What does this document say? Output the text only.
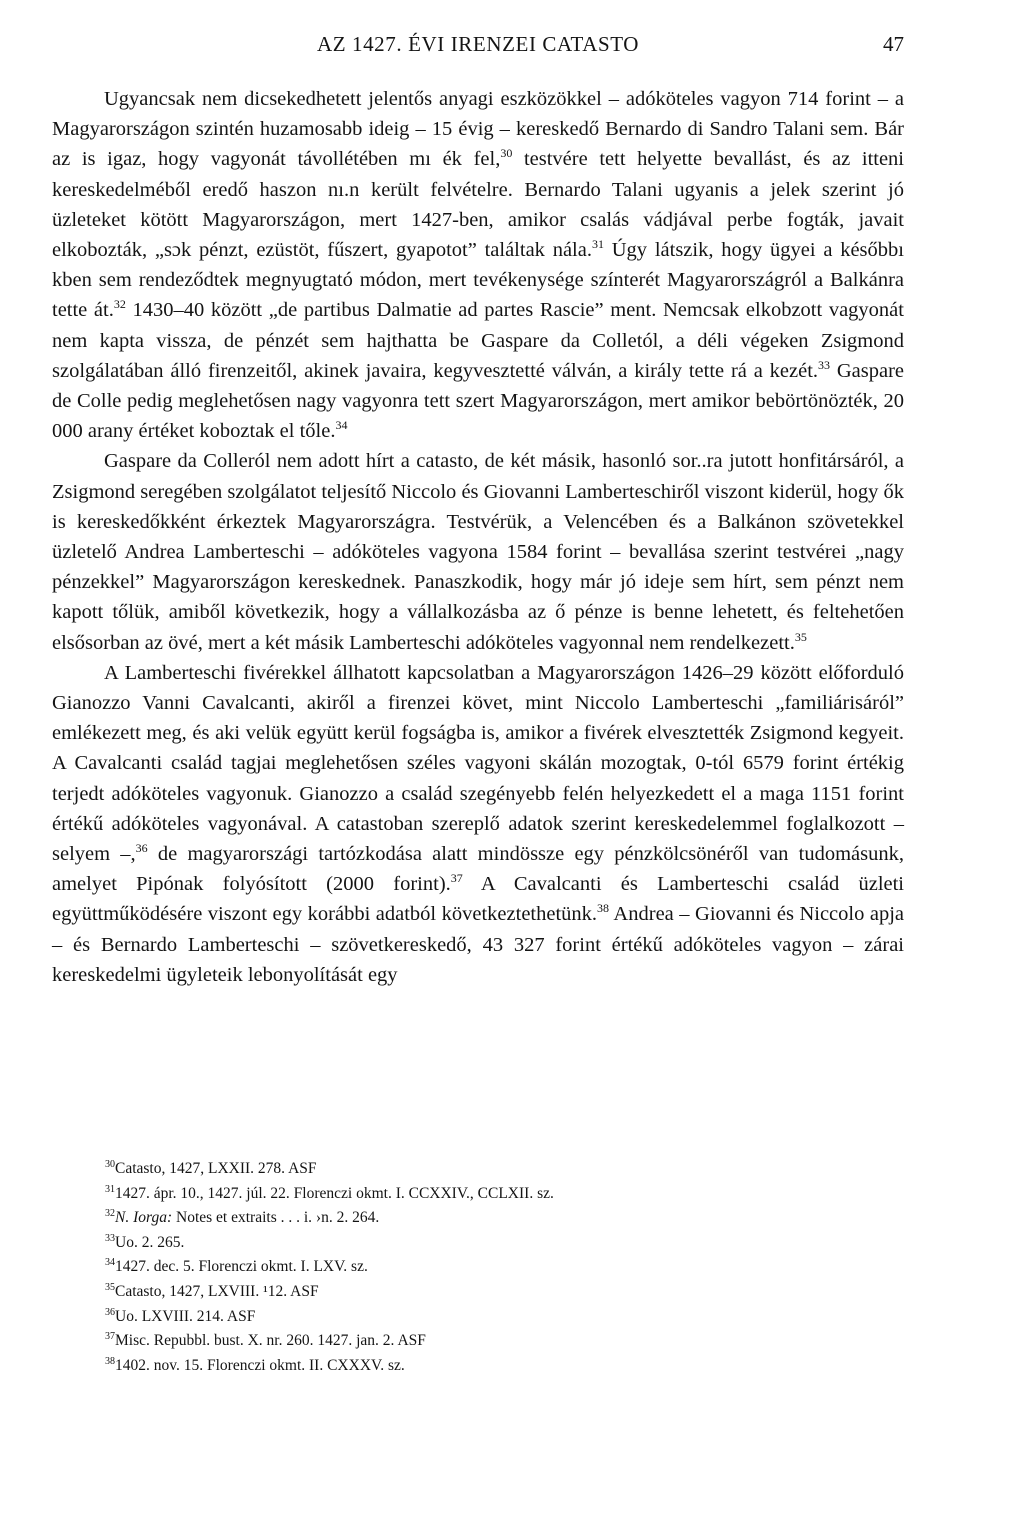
AZ 1427. ÉVI IRENZEI CATASTO	47

Ugyancsak nem dicsekedhetett jelentős anyagi eszközökkel – adóköteles vagyon 714 forint – a Magyarországon szintén huzamosabb ideig – 15 évig – kereskedő Bernardo di Sandro Talani sem. Bár az is igaz, hogy vagyonát távollétében mı ék fel,$^{30}$ testvére tett helyette bevallást, és az itteni kereskedelméből eredő haszon nı.n került felvételre. Bernardo Talani ugyanis a jelek szerint jó üzleteket kötött Magyarországon, mert 1427-ben, amikor csalás vádjával perbe fogták, javait elkobozták, „sɔk pénzt, ezüstöt, fűszert, gyapotot” találtak nála.$^{31}$ Úgy látszik, hogy ügyei a későbbı kben sem rendeződtek megnyugtató módon, mert tevékenysége színterét Magyarországról a Balkánra tette át.$^{32}$ 1430–40 között „de partibus Dalmatie ad partes Rascie” ment. Nemcsak elkobzott vagyonát nem kapta vissza, de pénzét sem hajthatta be Gaspare da Colletól, a déli végeken Zsigmond szolgálatában álló firenzeitől, akinek javaira, kegyvesztetté válván, a király tette rá a kezét.$^{33}$ Gaspare de Colle pedig meglehetősen nagy vagyonra tett szert Magyarországon, mert amikor bebörtönözték, 20 000 arany értéket koboztak el tőle.$^{34}$

Gaspare da Colleról nem adott hírt a catasto, de két másik, hasonló sor..ra jutott honfitársáról, a Zsigmond seregében szolgálatot teljesítő Niccolo és Giovanni Lamberteschiről viszont kiderül, hogy ők is kereskedőkként érkeztek Magyarországra. Testvérük, a Velencében és a Balkánon szövetekkel üzletelő Andrea Lamberteschi – adóköteles vagyona 1584 forint – bevallása szerint testvérei „nagy pénzekkel” Magyarországon kereskednek. Panaszkodik, hogy már jó ideje sem hírt, sem pénzt nem kapott tőlük, amiből következik, hogy a vállalkozásba az ő pénze is benne lehetett, és feltehetően elsősorban az övé, mert a két másik Lamberteschi adóköteles vagyonnal nem rendelkezett.$^{35}$

A Lamberteschi fivérekkel állhatott kapcsolatban a Magyarországon 1426–29 között előforduló Gianozzo Vanni Cavalcanti, akiről a firenzei követ, mint Niccolo Lamberteschi „familiárisáról” emlékezett meg, és aki velük együtt kerül fogságba is, amikor a fivérek elvesztették Zsigmond kegyeit. A Cavalcanti család tagjai meglehetősen széles vagyoni skálán mozogtak, 0-tól 6579 forint értékig terjedt adóköteles vagyonuk. Gianozzo a család szegényebb felén helyezkedett el a maga 1151 forint értékű adóköteles vagyonával. A catastoban szereplő adatok szerint kereskedelemmel foglalkozott – selyem –,$^{36}$ de magyarországi tartózkodása alatt mindössze egy pénzkölcsönéről van tudomásunk, amelyet Pipónak folyósított (2000 forint).$^{37}$ A Cavalcanti és Lamberteschi család üzleti együttműködésére viszont egy korábbi adatból következtethetünk.$^{38}$ Andrea – Giovanni és Niccolo apja – és Bernardo Lamberteschi – szövetkereskedő, 43 327 forint értékű adóköteles vagyon – zárai kereskedelmi ügyleteik lebonyolítását egy

$^{30}$Catasto, 1427, LXXII. 278. ASF
$^{31}$1427. ápr. 10., 1427. júl. 22. Florenczi okmt. I. CCXXIV., CCLXII. sz.
$^{32}$N. Iorga: Notes et extraits . . . i. ›n. 2. 264.
$^{33}$Uo. 2. 265.
$^{34}$1427. dec. 5. Florenczi okmt. I. LXV. sz.
$^{35}$Catasto, 1427, LXVIII. ¹12. ASF
$^{36}$Uo. LXVIII. 214. ASF
$^{37}$Misc. Repubbl. bust. X. nr. 260. 1427. jan. 2. ASF
$^{38}$1402. nov. 15. Florenczi okmt. II. CXXXV. sz.
